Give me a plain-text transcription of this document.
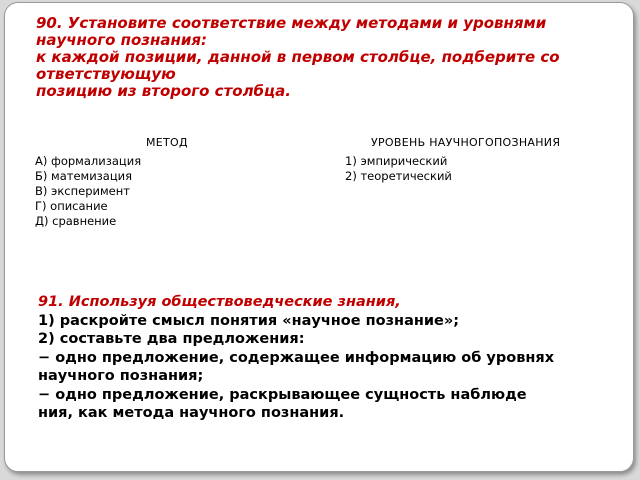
90. Установите соответствие между методами и уровнями
научного познания:
к каждой позиции, данной в первом столбце, подберите со
ответствующую
позицию из второго столбца.
МЕТОД	УРОВЕНЬ НАУЧНОГОПОЗНАНИЯ
А) формализация
Б) матемизация
В) эксперимент
Г) описание
Д) сравнение
1) эмпирический
2) теоретический
91. Используя обществоведческие знания,
1) раскройте смысл понятия «научное познание»;
2) составьте два предложения:
− одно предложение, содержащее информацию об уровнях
научного познания;
− одно предложение, раскрывающее сущность наблюде
ния, как метода научного познания.
